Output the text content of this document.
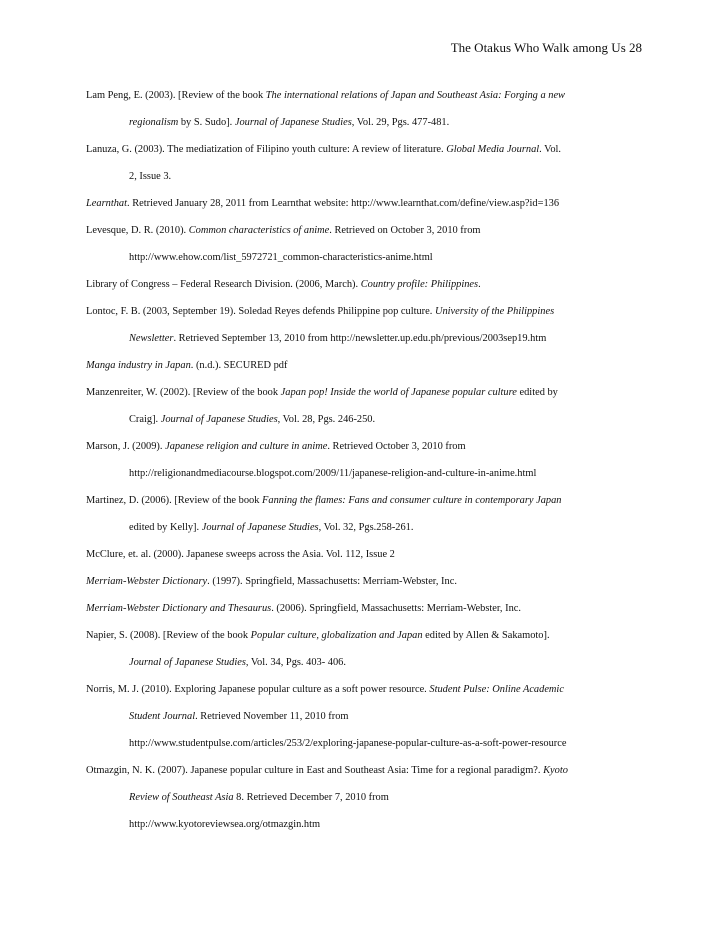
The Otakus Who Walk among Us 28
Lam Peng, E. (2003). [Review of the book The international relations of Japan and Southeast Asia: Forging a new
regionalism by S. Sudo]. Journal of Japanese Studies, Vol. 29, Pgs. 477-481.
Lanuza, G. (2003). The mediatization of Filipino youth culture: A review of literature. Global Media Journal. Vol.
2, Issue 3.
Learnthat. Retrieved January 28, 2011 from Learnthat website: http://www.learnthat.com/define/view.asp?id=136
Levesque, D. R. (2010). Common characteristics of anime. Retrieved on October 3, 2010 from
http://www.ehow.com/list_5972721_common-characteristics-anime.html
Library of Congress – Federal Research Division. (2006, March). Country profile: Philippines.
Lontoc, F. B. (2003, September 19). Soledad Reyes defends Philippine pop culture. University of the Philippines
Newsletter. Retrieved September 13, 2010 from http://newsletter.up.edu.ph/previous/2003sep19.htm
Manga industry in Japan. (n.d.). SECURED pdf
Manzenreiter, W. (2002). [Review of the book Japan pop! Inside the world of Japanese popular culture edited by
Craig]. Journal of Japanese Studies, Vol. 28, Pgs. 246-250.
Marson, J. (2009). Japanese religion and culture in anime. Retrieved October 3, 2010 from
http://religionandmediacourse.blogspot.com/2009/11/japanese-religion-and-culture-in-anime.html
Martinez, D. (2006). [Review of the book Fanning the flames: Fans and consumer culture in contemporary Japan
edited by Kelly]. Journal of Japanese Studies, Vol. 32, Pgs.258-261.
McClure, et. al. (2000). Japanese sweeps across the Asia. Vol. 112, Issue 2
Merriam-Webster Dictionary. (1997). Springfield, Massachusetts: Merriam-Webster, Inc.
Merriam-Webster Dictionary and Thesaurus. (2006). Springfield, Massachusetts: Merriam-Webster, Inc.
Napier, S. (2008). [Review of the book Popular culture, globalization and Japan edited by Allen & Sakamoto].
Journal of Japanese Studies, Vol. 34, Pgs. 403- 406.
Norris, M. J. (2010). Exploring Japanese popular culture as a soft power resource. Student Pulse: Online Academic
Student Journal. Retrieved November 11, 2010 from
http://www.studentpulse.com/articles/253/2/exploring-japanese-popular-culture-as-a-soft-power-resource
Otmazgin, N. K. (2007). Japanese popular culture in East and Southeast Asia: Time for a regional paradigm?. Kyoto
Review of Southeast Asia 8. Retrieved December 7, 2010 from
http://www.kyotoreviewsea.org/otmazgin.htm
